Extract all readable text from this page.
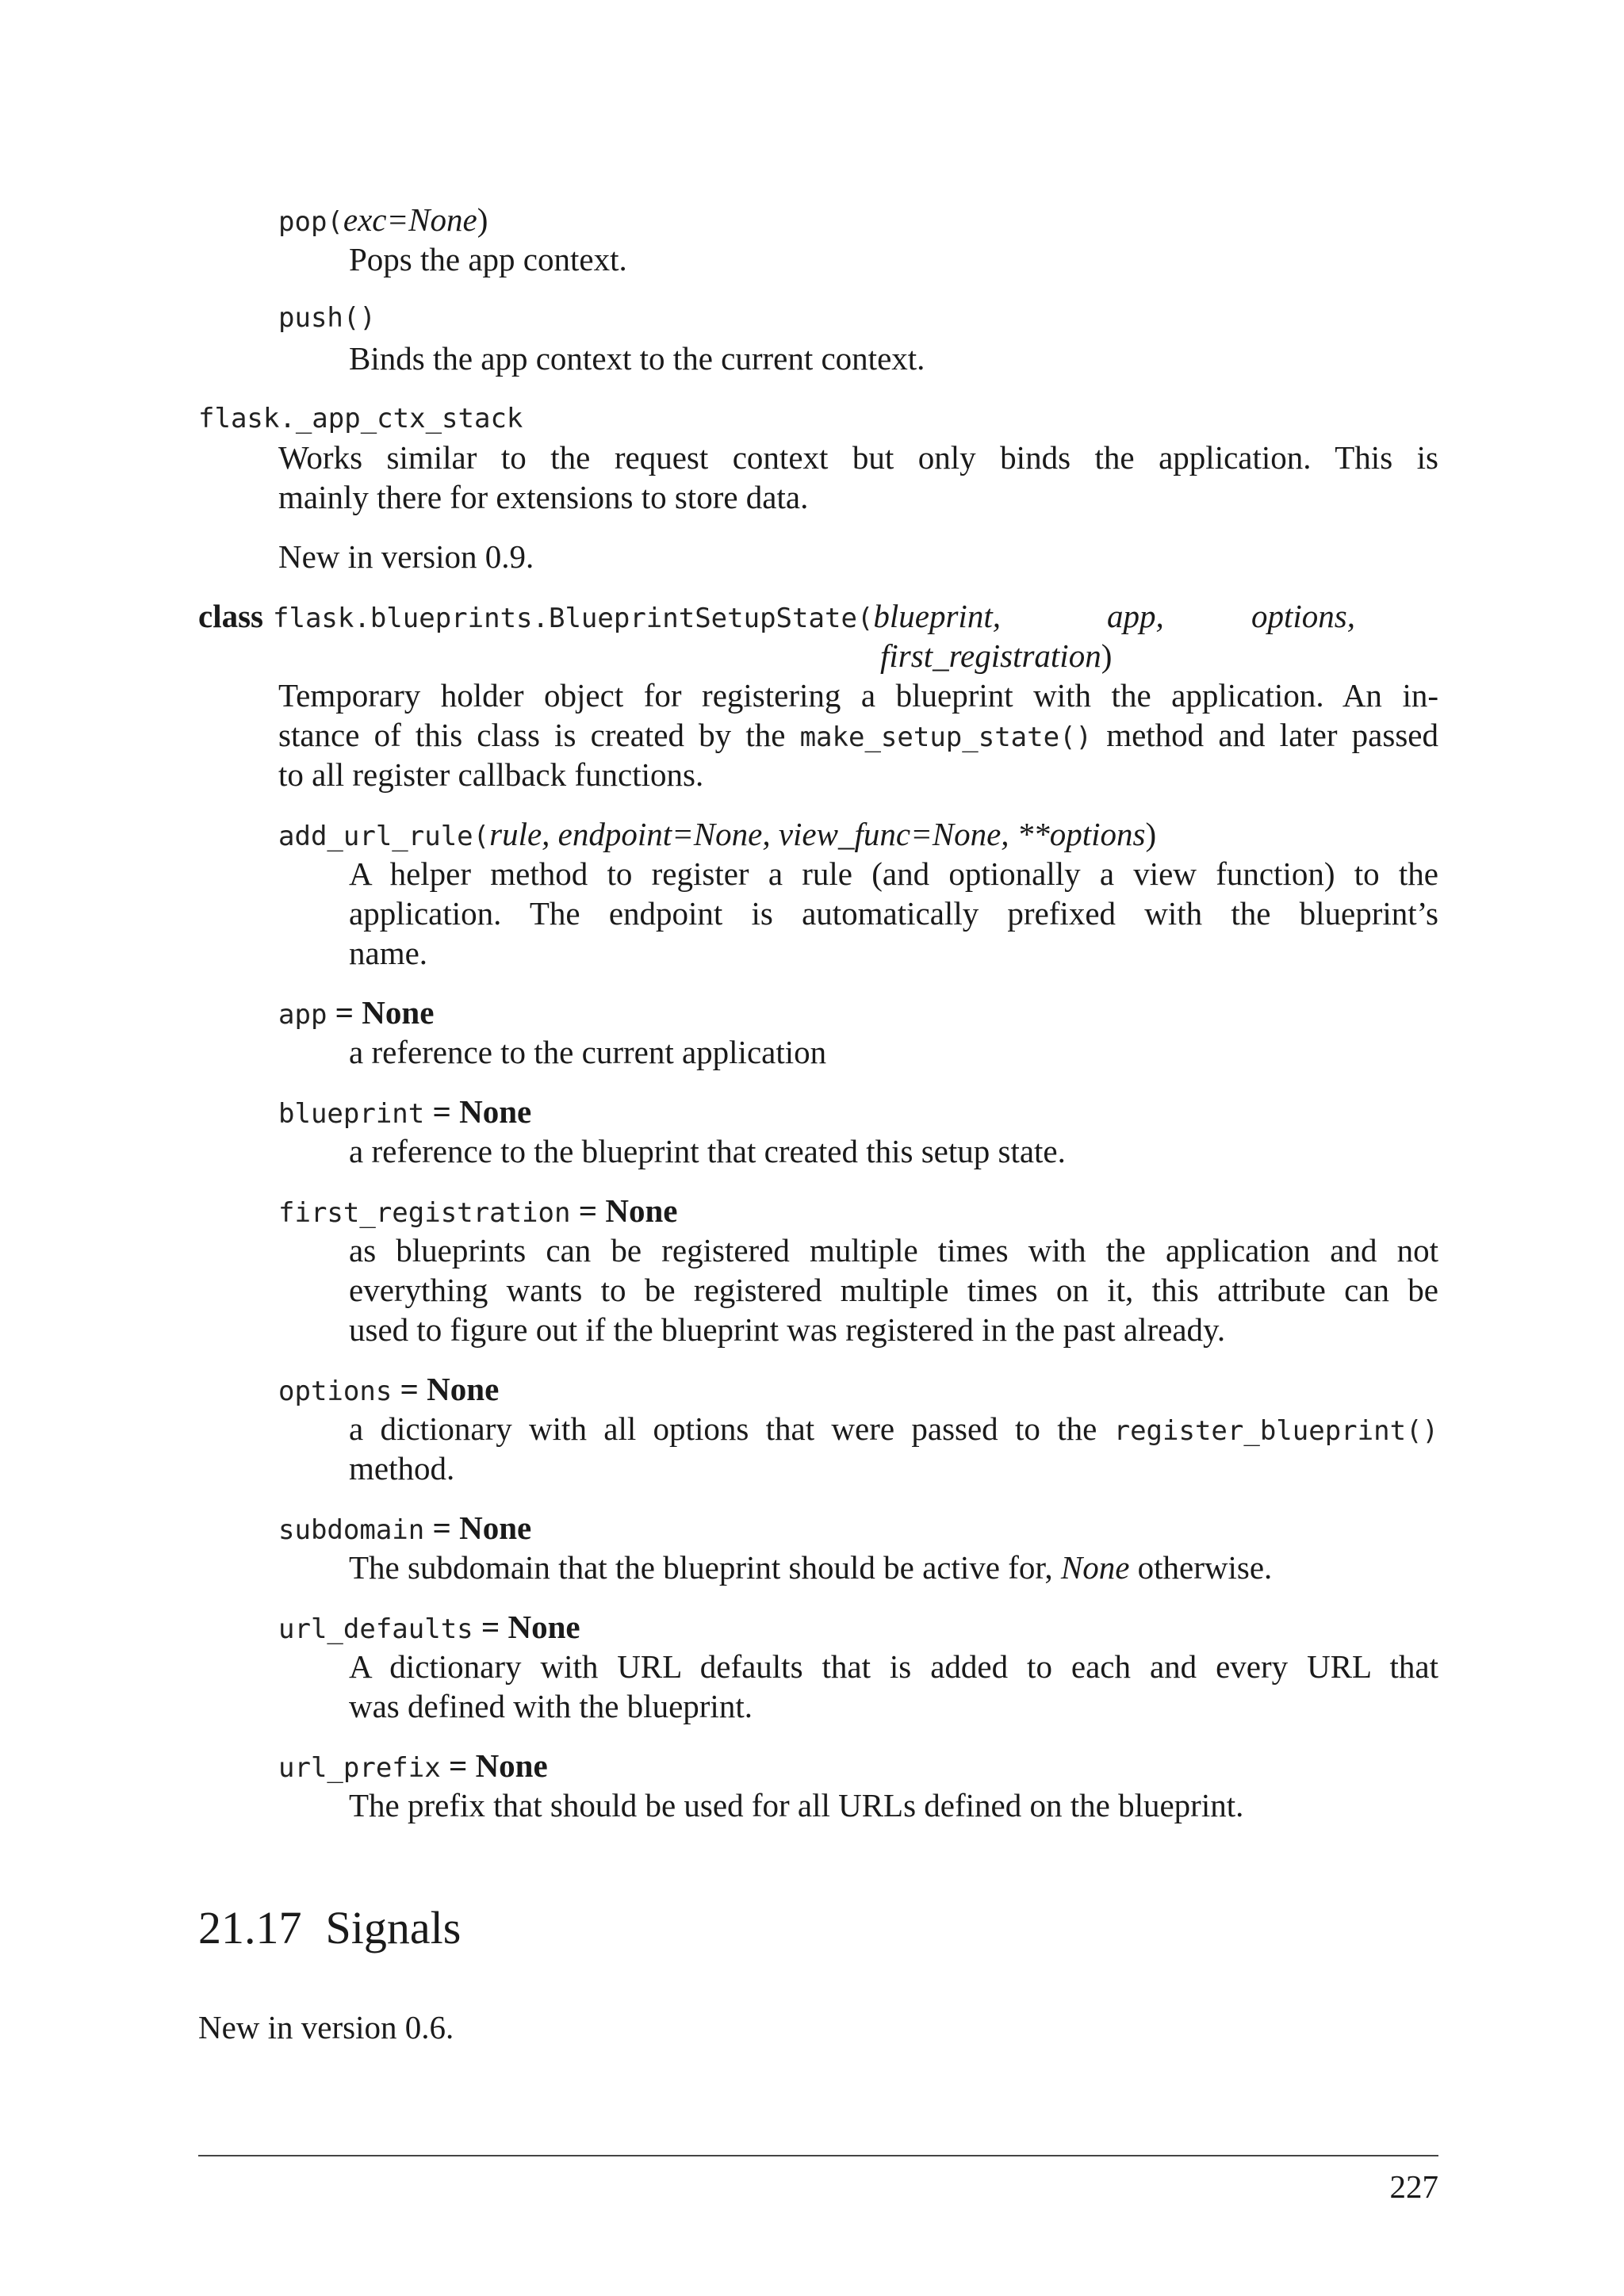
pop(exc=None)
Pops the app context.
push()
Binds the app context to the current context.
flask._app_ctx_stack
Works similar to the request context but only binds the application. This is
mainly there for extensions to store data.
New in version 0.9.
class flask.blueprints.BlueprintSetupState(blueprint,	app,	options,
first_registration)
Temporary holder object for registering a blueprint with the application. An in-
stance of this class is created by the make_setup_state() method and later passed
to all register callback functions.
add_url_rule(rule, endpoint=None, view_func=None, **options)
A helper method to register a rule (and optionally a view function) to the
application. The endpoint is automatically prefixed with the blueprint’s
name.
app = None
a reference to the current application
blueprint = None
a reference to the blueprint that created this setup state.
first_registration = None
as blueprints can be registered multiple times with the application and not
everything wants to be registered multiple times on it, this attribute can be
used to figure out if the blueprint was registered in the past already.
options = None
a dictionary with all options that were passed to the register_blueprint()
method.
subdomain = None
The subdomain that the blueprint should be active for, None otherwise.
url_defaults = None
A dictionary with URL defaults that is added to each and every URL that
was defined with the blueprint.
url_prefix = None
The prefix that should be used for all URLs defined on the blueprint.
21.17 Signals
New in version 0.6.
227
